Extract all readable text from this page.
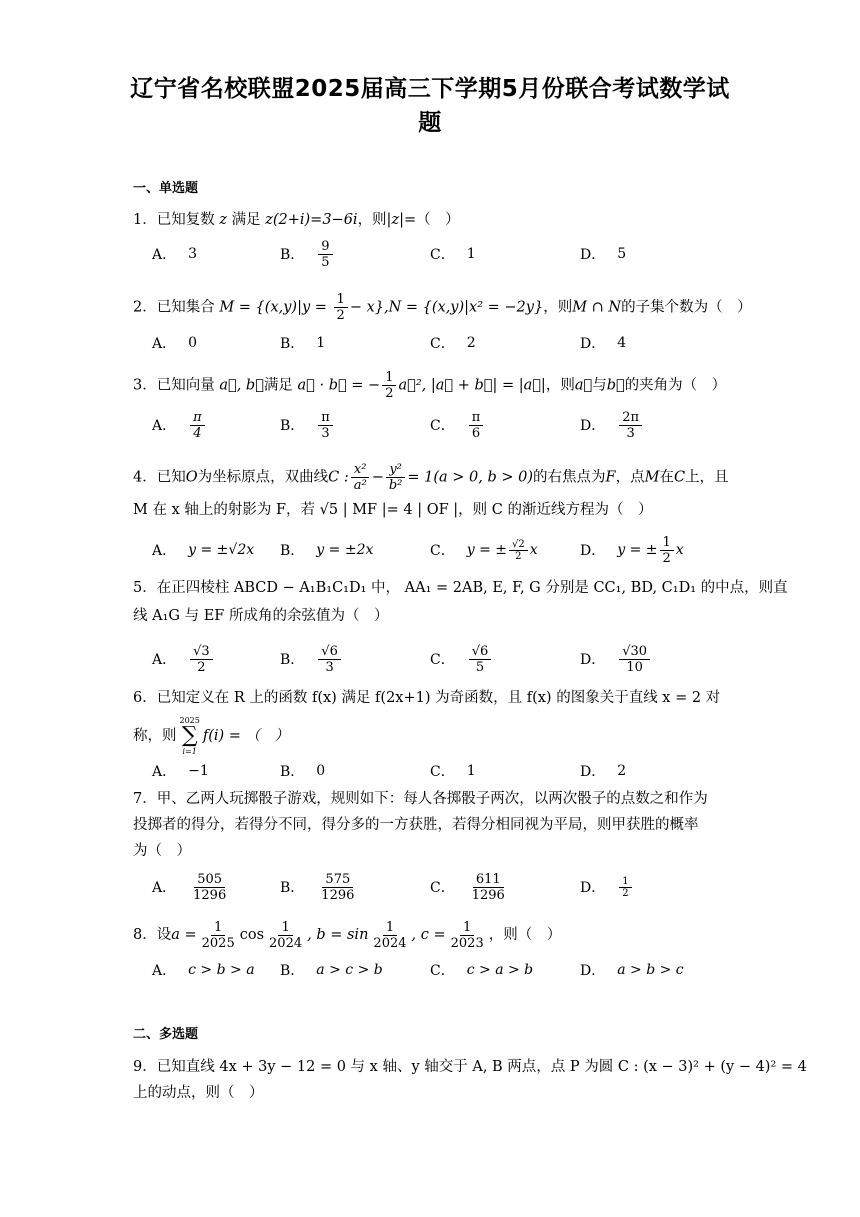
辽宁省名校联盟2025届高三下学期5月份联合考试数学试
题
一、单选题
1．已知复数 z 满足 z(2+i)=3−6i，则|z|=（　）
A． 3	B． $\frac{9}{5}$	C． 1	D． 5
2．已知集合 $M = \{(x,y)|y = \frac{1}{2} - x\},N = \{(x,y)|x^2 = -2y\}$，则M ∩ N的子集个数为（　）
A． 0	B． 1	C． 2	D． 4
3．已知向量 a⃗, b⃗满足 a⃗ · b⃗ = − $\frac{1}{2}$ a⃗², |a⃗ + b⃗| = |a⃗|，则a⃗与b⃗的夹角为（　）
A． $\frac{\pi}{4}$	B． $\frac{\pi}{3}$	C． $\frac{\pi}{6}$	D． $\frac{2\pi}{3}$
4．已知O为坐标原点，双曲线C : $\frac{\text{x²}}{\text{a²}} - \frac{\text{y²}}{\text{b²}} = 1(a > 0$, b > 0)的右焦点为F，点M在C上，且
M 在 x 轴上的射影为 F，若 √5 | MF |= 4 | OF |，则 C 的渐近线方程为（　）
A． y = ±√2x B． y = ±2x	C． y = ± $\frac{√2}{2}$ x	D． y = ± $\frac{1}{2}$ x
5．在正四棱柱 ABCD − A₁B₁C₁D₁ 中， AA₁ = 2AB, E, F, G 分别是 CC₁, BD, C₁D₁ 的中点，则直
线 A₁G 与 EF 所成角的余弦值为（　）
A． $\frac{√3}{2}$	B． $\frac{√6}{3}$	C． $\frac{√6}{5}$	D． $\frac{√30}{10}$
6．已知定义在 R 上的函数 f(x) 满足 f(2x+1) 为奇函数，且 f(x) 的图象关于直线 x = 2 对
称，则
2025
∑
i=1
f(i) = （　）
A． −1	B． 0	C． 1	D． 2
7．甲、乙两人玩掷骰子游戏，规则如下：每人各掷骰子两次，以两次骰子的点数之和作为
投掷者的得分，若得分不同，得分多的一方获胜，若得分相同视为平局，则甲获胜的概率
为（　）
A． $\frac{505}{1296}$	B． $\frac{575}{1296}$	C． $\frac{611}{1296}$	D． $\frac{1}{2}$
8． 设 $a = \frac{1}{2025}$ $\cos \frac{1}{2024}$ , $b = \sin \frac{1}{2024}$ , $c = \frac{1}{2023}$ ，则（　）
A． c > b > a B． a > c > b	C． c > a > b	D． a > b > c
二、多选题
9．已知直线 4x + 3y − 12 = 0 与 x 轴、y 轴交于 A, B 两点，点 P 为圆 C : (x − 3)² + (y − 4)² = 4
上的动点，则（　）
